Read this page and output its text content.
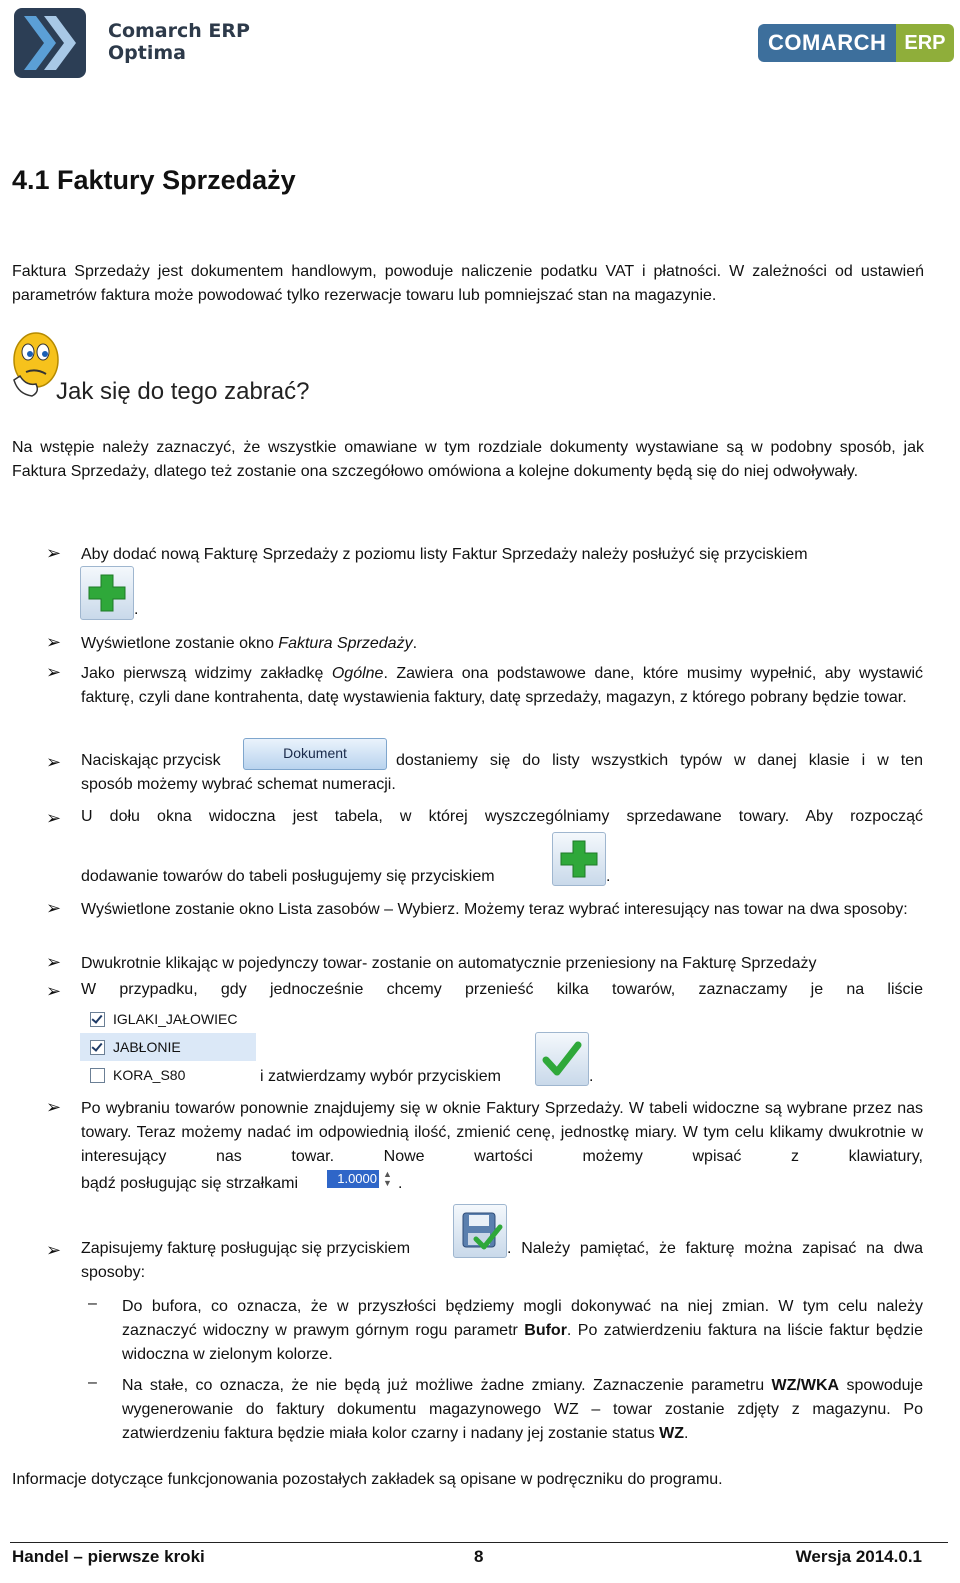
Comarch ERP
Optima	COMARCH ERP
4.1 Faktury Sprzedaży
Faktura Sprzedaży jest dokumentem handlowym, powoduje naliczenie podatku VAT i płatności. W zależności od ustawień parametrów faktura może powodować tylko rezerwacje towaru lub pomniejszać stan na magazynie.
Jak się do tego zabrać?
Na wstępie należy zaznaczyć, że wszystkie omawiane w tym rozdziale dokumenty wystawiane są w podobny sposób, jak Faktura Sprzedaży, dlatego też zostanie ona szczegółowo omówiona a kolejne dokumenty będą się do niej odwoływały.
➢ Aby dodać nową Fakturę Sprzedaży z poziomu listy Faktur Sprzedaży należy posłużyć się przyciskiem
.
➢ Wyświetlone zostanie okno Faktura Sprzedaży.
➢ Jako pierwszą widzimy zakładkę Ogólne. Zawiera ona podstawowe dane, które musimy wypełnić, aby wystawić fakturę, czyli dane kontrahenta, datę wystawienia faktury, datę sprzedaży, magazyn, z którego pobrany będzie towar.
➢ Naciskając przycisk	Dokument	dostaniemy się do listy wszystkich typów w danej klasie i w ten
sposób możemy wybrać schemat numeracji.
➢ U dołu okna widoczna jest tabela, w której wyszczególniamy sprzedawane towary. Aby rozpocząć
dodawanie towarów do tabeli posługujemy się przyciskiem	.
➢ Wyświetlone zostanie okno Lista zasobów – Wybierz. Możemy teraz wybrać interesujący nas towar na dwa sposoby:
➢ Dwukrotnie klikając w pojedynczy towar- zostanie on automatycznie przeniesiony na Fakturę Sprzedaży
➢ W przypadku, gdy jednocześnie chcemy przenieść kilka towarów, zaznaczamy je na liście
IGLAKI_JAŁOWIEC
JABŁONIE
KORA_S80	i zatwierdzamy wybór przyciskiem	.
➢ Po wybraniu towarów ponownie znajdujemy się w oknie Faktury Sprzedaży. W tabeli widoczne są wybrane przez nas towary. Teraz możemy nadać im odpowiednią ilość, zmienić cenę, jednostkę miary. W tym celu klikamy dwukrotnie w interesujący nas towar. Nowe wartości możemy wpisać z klawiatury,
bądź posługując się strzałkami	1.0000 ▲
▼ .
➢ Zapisujemy fakturę posługując się przyciskiem	. Należy pamiętać, że fakturę można zapisać na dwa
sposoby:
– Do bufora, co oznacza, że w przyszłości będziemy mogli dokonywać na niej zmian. W tym celu należy zaznaczyć widoczny w prawym górnym rogu parametr Bufor. Po zatwierdzeniu faktura na liście faktur będzie widoczna w zielonym kolorze.
– Na stałe, co oznacza, że nie będą już możliwe żadne zmiany. Zaznaczenie parametru WZ/WKA spowoduje wygenerowanie do faktury dokumentu magazynowego WZ – towar zostanie zdjęty z magazynu. Po zatwierdzeniu faktura będzie miała kolor czarny i nadany jej zostanie status WZ.
Informacje dotyczące funkcjonowania pozostałych zakładek są opisane w podręczniku do programu.
Handel – pierwsze kroki	8	Wersja 2014.0.1
